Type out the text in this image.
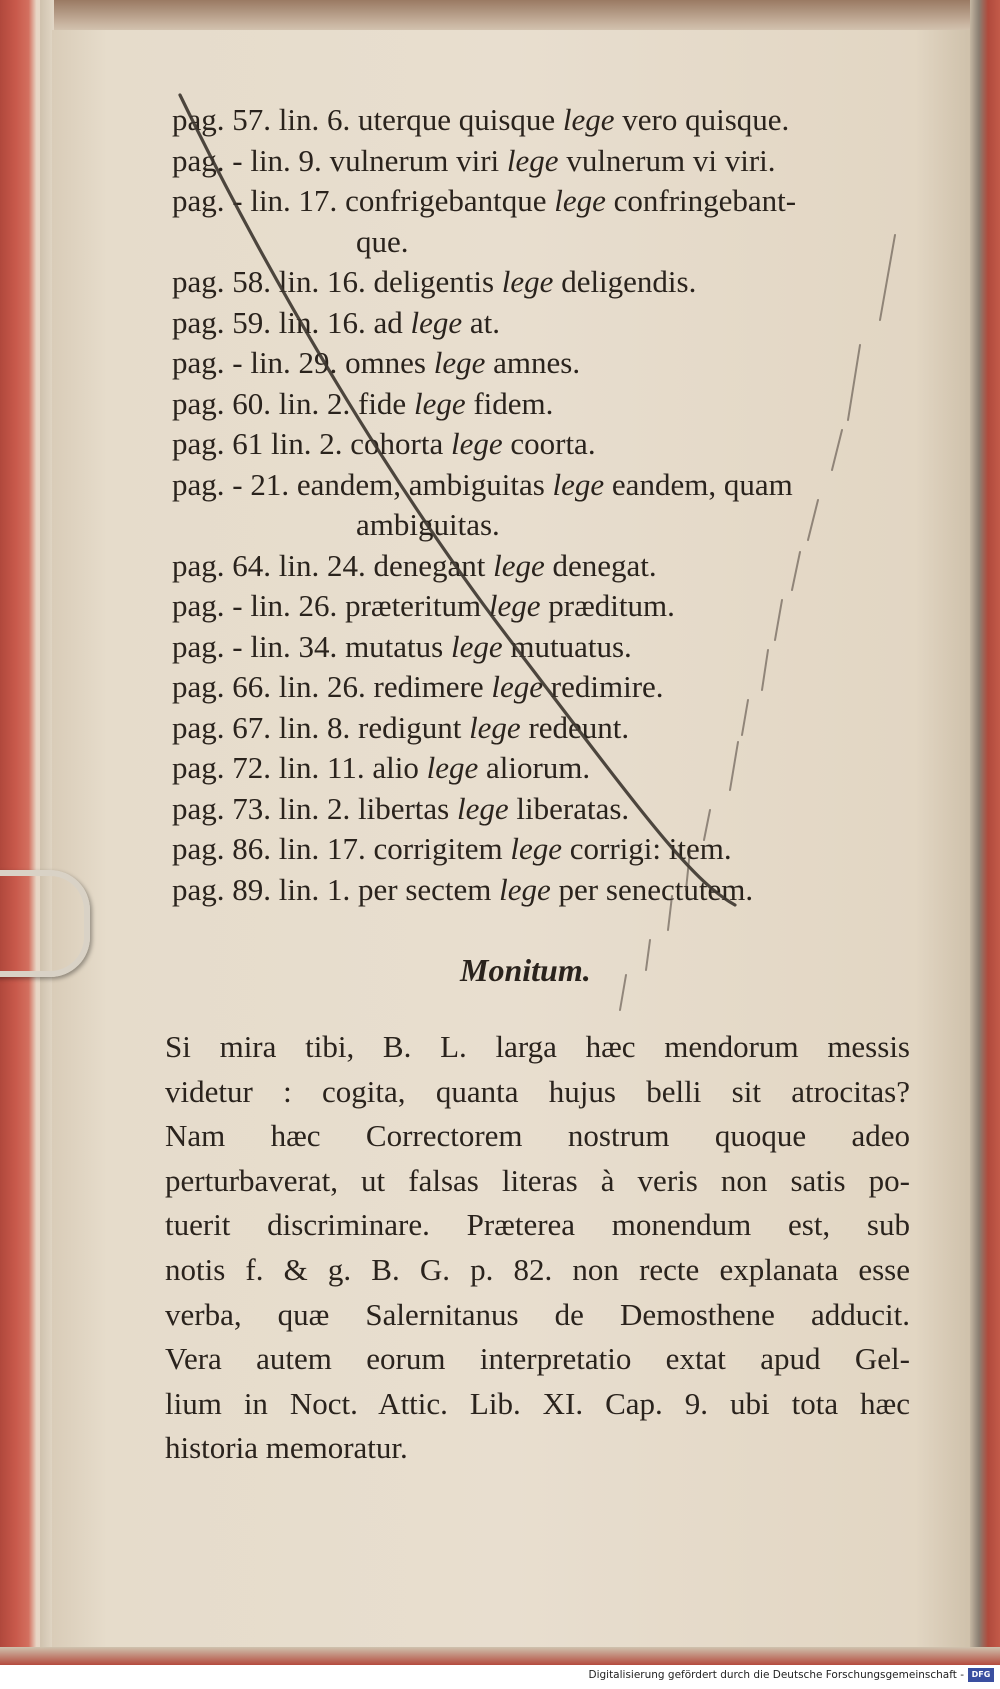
pag. 57. lin. 6. uterque quisque lege vero quisque.
pag. - lin. 9. vulnerum viri lege vulnerum vi viri.
pag. - lin. 17. confrigebantque lege confringebant-
que.
pag. 58. lin. 16. deligentis lege deligendis.
pag. 59. lin. 16. ad lege at.
pag. - lin. 29. omnes lege amnes.
pag. 60. lin. 2. fide lege fidem.
pag. 61 lin. 2. cohorta lege coorta.
pag. - 21. eandem, ambiguitas lege eandem, quam
ambiguitas.
pag. 64. lin. 24. denegant lege denegat.
pag. - lin. 26. præteritum lege præditum.
pag. - lin. 34. mutatus lege mutuatus.
pag. 66. lin. 26. redimere lege redimire.
pag. 67. lin. 8. redigunt lege redeunt.
pag. 72. lin. 11. alio lege aliorum.
pag. 73. lin. 2. libertas lege liberatas.
pag. 86. lin. 17. corrigitem lege corrigi: item.
pag. 89. lin. 1. per sectem lege per senectutem.
Monitum.
Si mira tibi, B. L. larga hæc mendorum messis
videtur : cogita, quanta hujus belli sit atrocitas?
Nam hæc Correctorem nostrum quoque adeo
perturbaverat, ut falsas literas à veris non satis po-
tuerit discriminare. Præterea monendum est, sub
notis f. & g. B. G. p. 82. non recte explanata esse
verba, quæ Salernitanus de Demosthene adducit.
Vera autem eorum interpretatio extat apud Gel-
lium in Noct. Attic. Lib. XI. Cap. 9. ubi tota hæc
historia memoratur.
Digitalisierung gefördert durch die Deutsche Forschungsgemeinschaft - DFG
